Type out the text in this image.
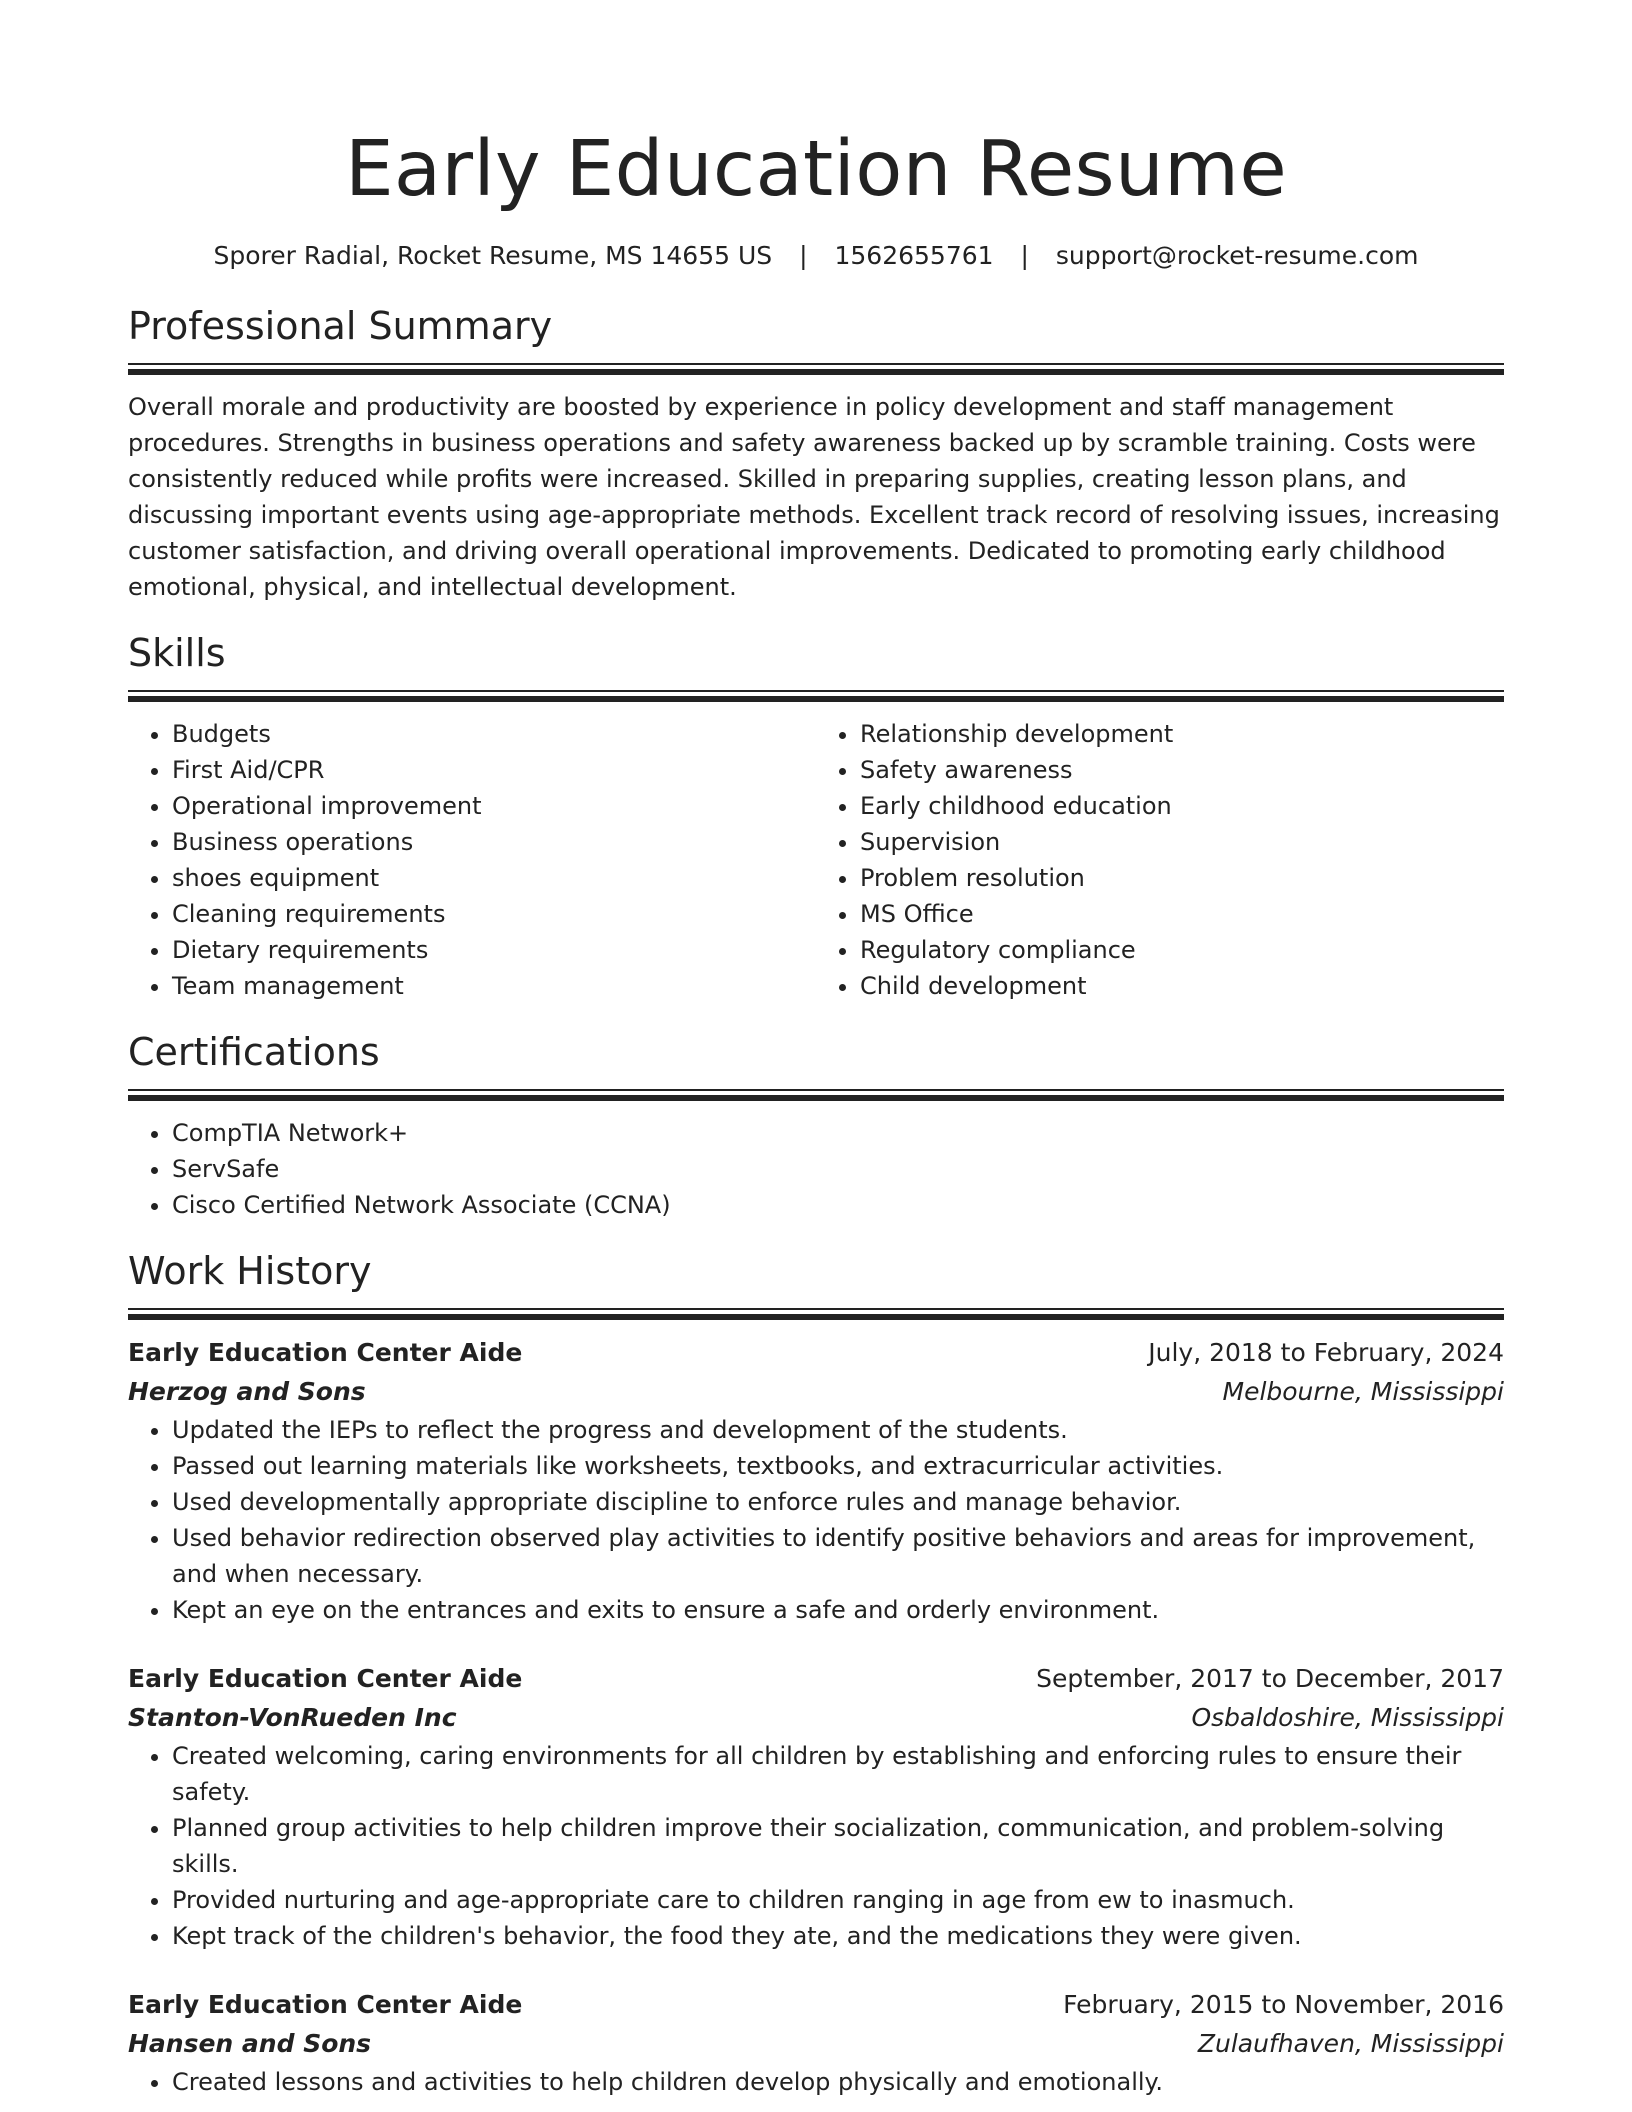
Early Education Resume
Sporer Radial, Rocket Resume, MS 14655 US | 1562655761 | support@rocket-resume.com
Professional Summary

Overall morale and productivity are boosted by experience in policy development and staff management procedures. Strengths in business operations and safety awareness backed up by scramble training. Costs were consistently reduced while profits were increased. Skilled in preparing supplies, creating lesson plans, and discussing important events using age-appropriate methods. Excellent track record of resolving issues, increasing customer satisfaction, and driving overall operational improvements. Dedicated to promoting early childhood emotional, physical, and intellectual development.

Skills
• Budgets
• First Aid/CPR
• Operational improvement
• Business operations
• shoes equipment
• Cleaning requirements
• Dietary requirements
• Team management
• Relationship development
• Safety awareness
• Early childhood education
• Supervision
• Problem resolution
• MS Office
• Regulatory compliance
• Child development
Certifications
• CompTIA Network+
• ServSafe
• Cisco Certified Network Associate (CCNA)
Work History
Early Education Center Aide	July, 2018 to February, 2024
Herzog and Sons	Melbourne, Mississippi
• Updated the IEPs to reflect the progress and development of the students.
• Passed out learning materials like worksheets, textbooks, and extracurricular activities.
• Used developmentally appropriate discipline to enforce rules and manage behavior.
• Used behavior redirection observed play activities to identify positive behaviors and areas for improvement, and when necessary.
• Kept an eye on the entrances and exits to ensure a safe and orderly environment.
Early Education Center Aide	September, 2017 to December, 2017
Stanton-VonRueden Inc	Osbaldoshire, Mississippi
• Created welcoming, caring environments for all children by establishing and enforcing rules to ensure their safety.
• Planned group activities to help children improve their socialization, communication, and problem-solving skills.
• Provided nurturing and age-appropriate care to children ranging in age from ew to inasmuch.
• Kept track of the children's behavior, the food they ate, and the medications they were given.
Early Education Center Aide	February, 2015 to November, 2016
Hansen and Sons	Zulaufhaven, Mississippi
• Created lessons and activities to help children develop physically and emotionally.
